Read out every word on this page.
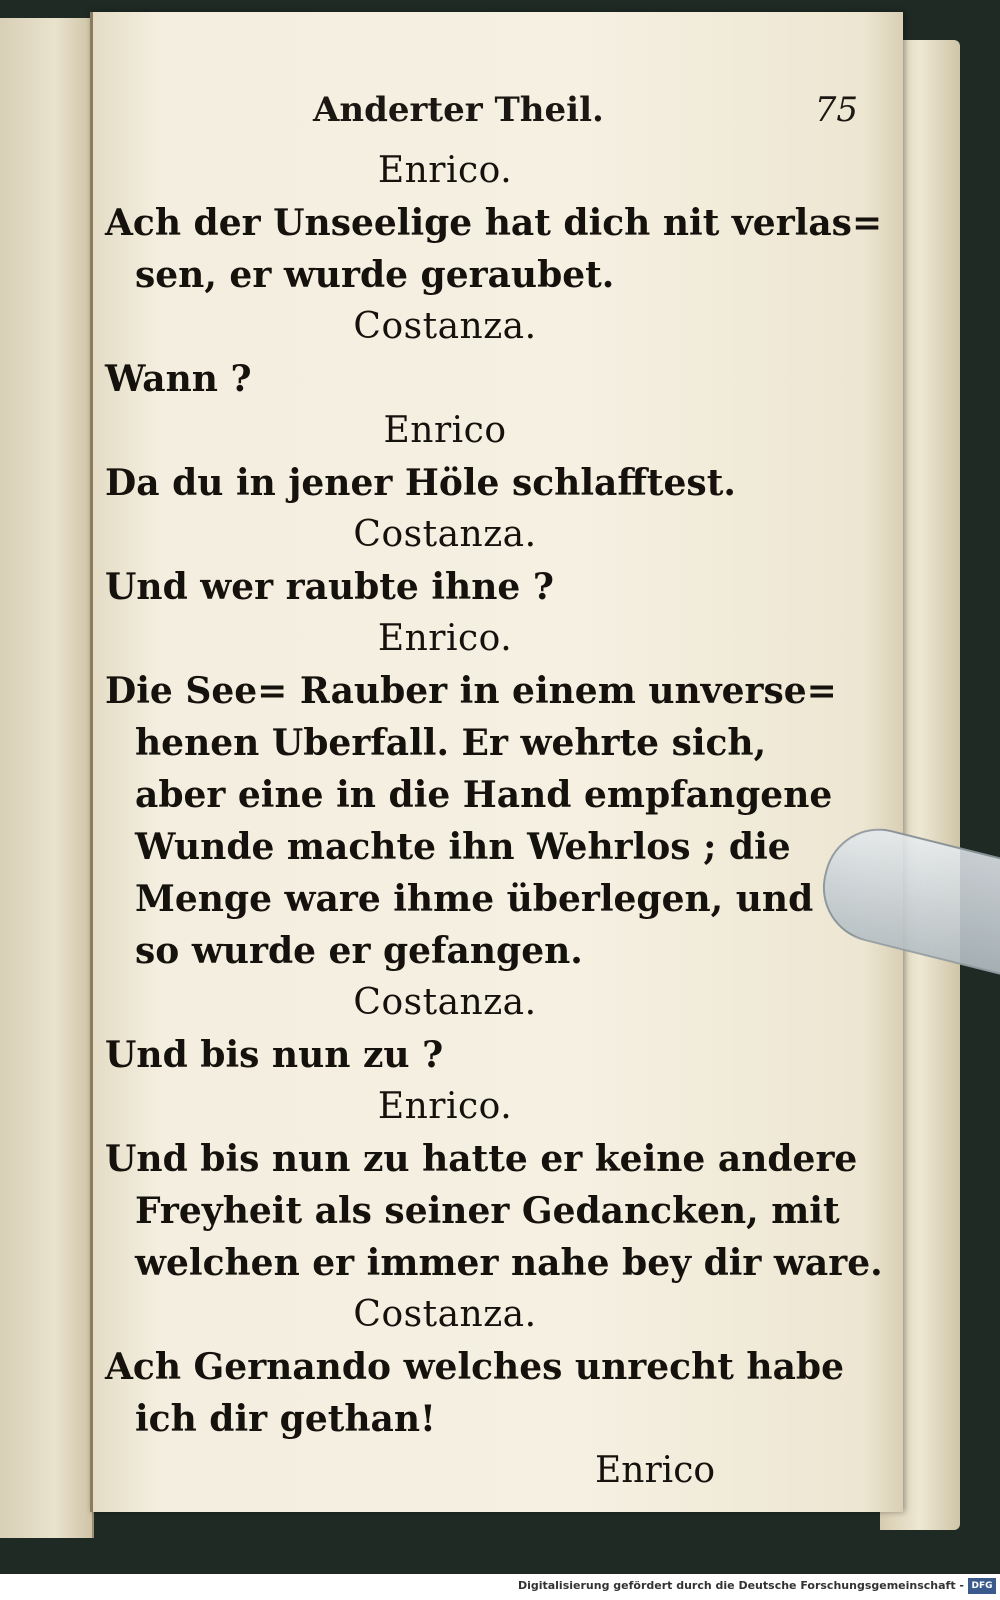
Anderter Theil.	75
Enrico.
Ach der Unseelige hat dich nit verlas=
sen, er wurde geraubet.
Costanza.
Wann ?
Enrico
Da du in jener Höle schlafftest.
Costanza.
Und wer raubte ihne ?
Enrico.
Die See= Rauber in einem unverse=
henen Uberfall. Er wehrte sich,
aber eine in die Hand empfangene
Wunde machte ihn Wehrlos ; die
Menge ware ihme überlegen, und
so wurde er gefangen.
Costanza.
Und bis nun zu ?
Enrico.
Und bis nun zu hatte er keine andere
Freyheit als seiner Gedancken, mit
welchen er immer nahe bey dir ware.
Costanza.
Ach Gernando welches unrecht habe
ich dir gethan!
Enrico
Digitalisierung gefördert durch die Deutsche Forschungsgemeinschaft - DFG
